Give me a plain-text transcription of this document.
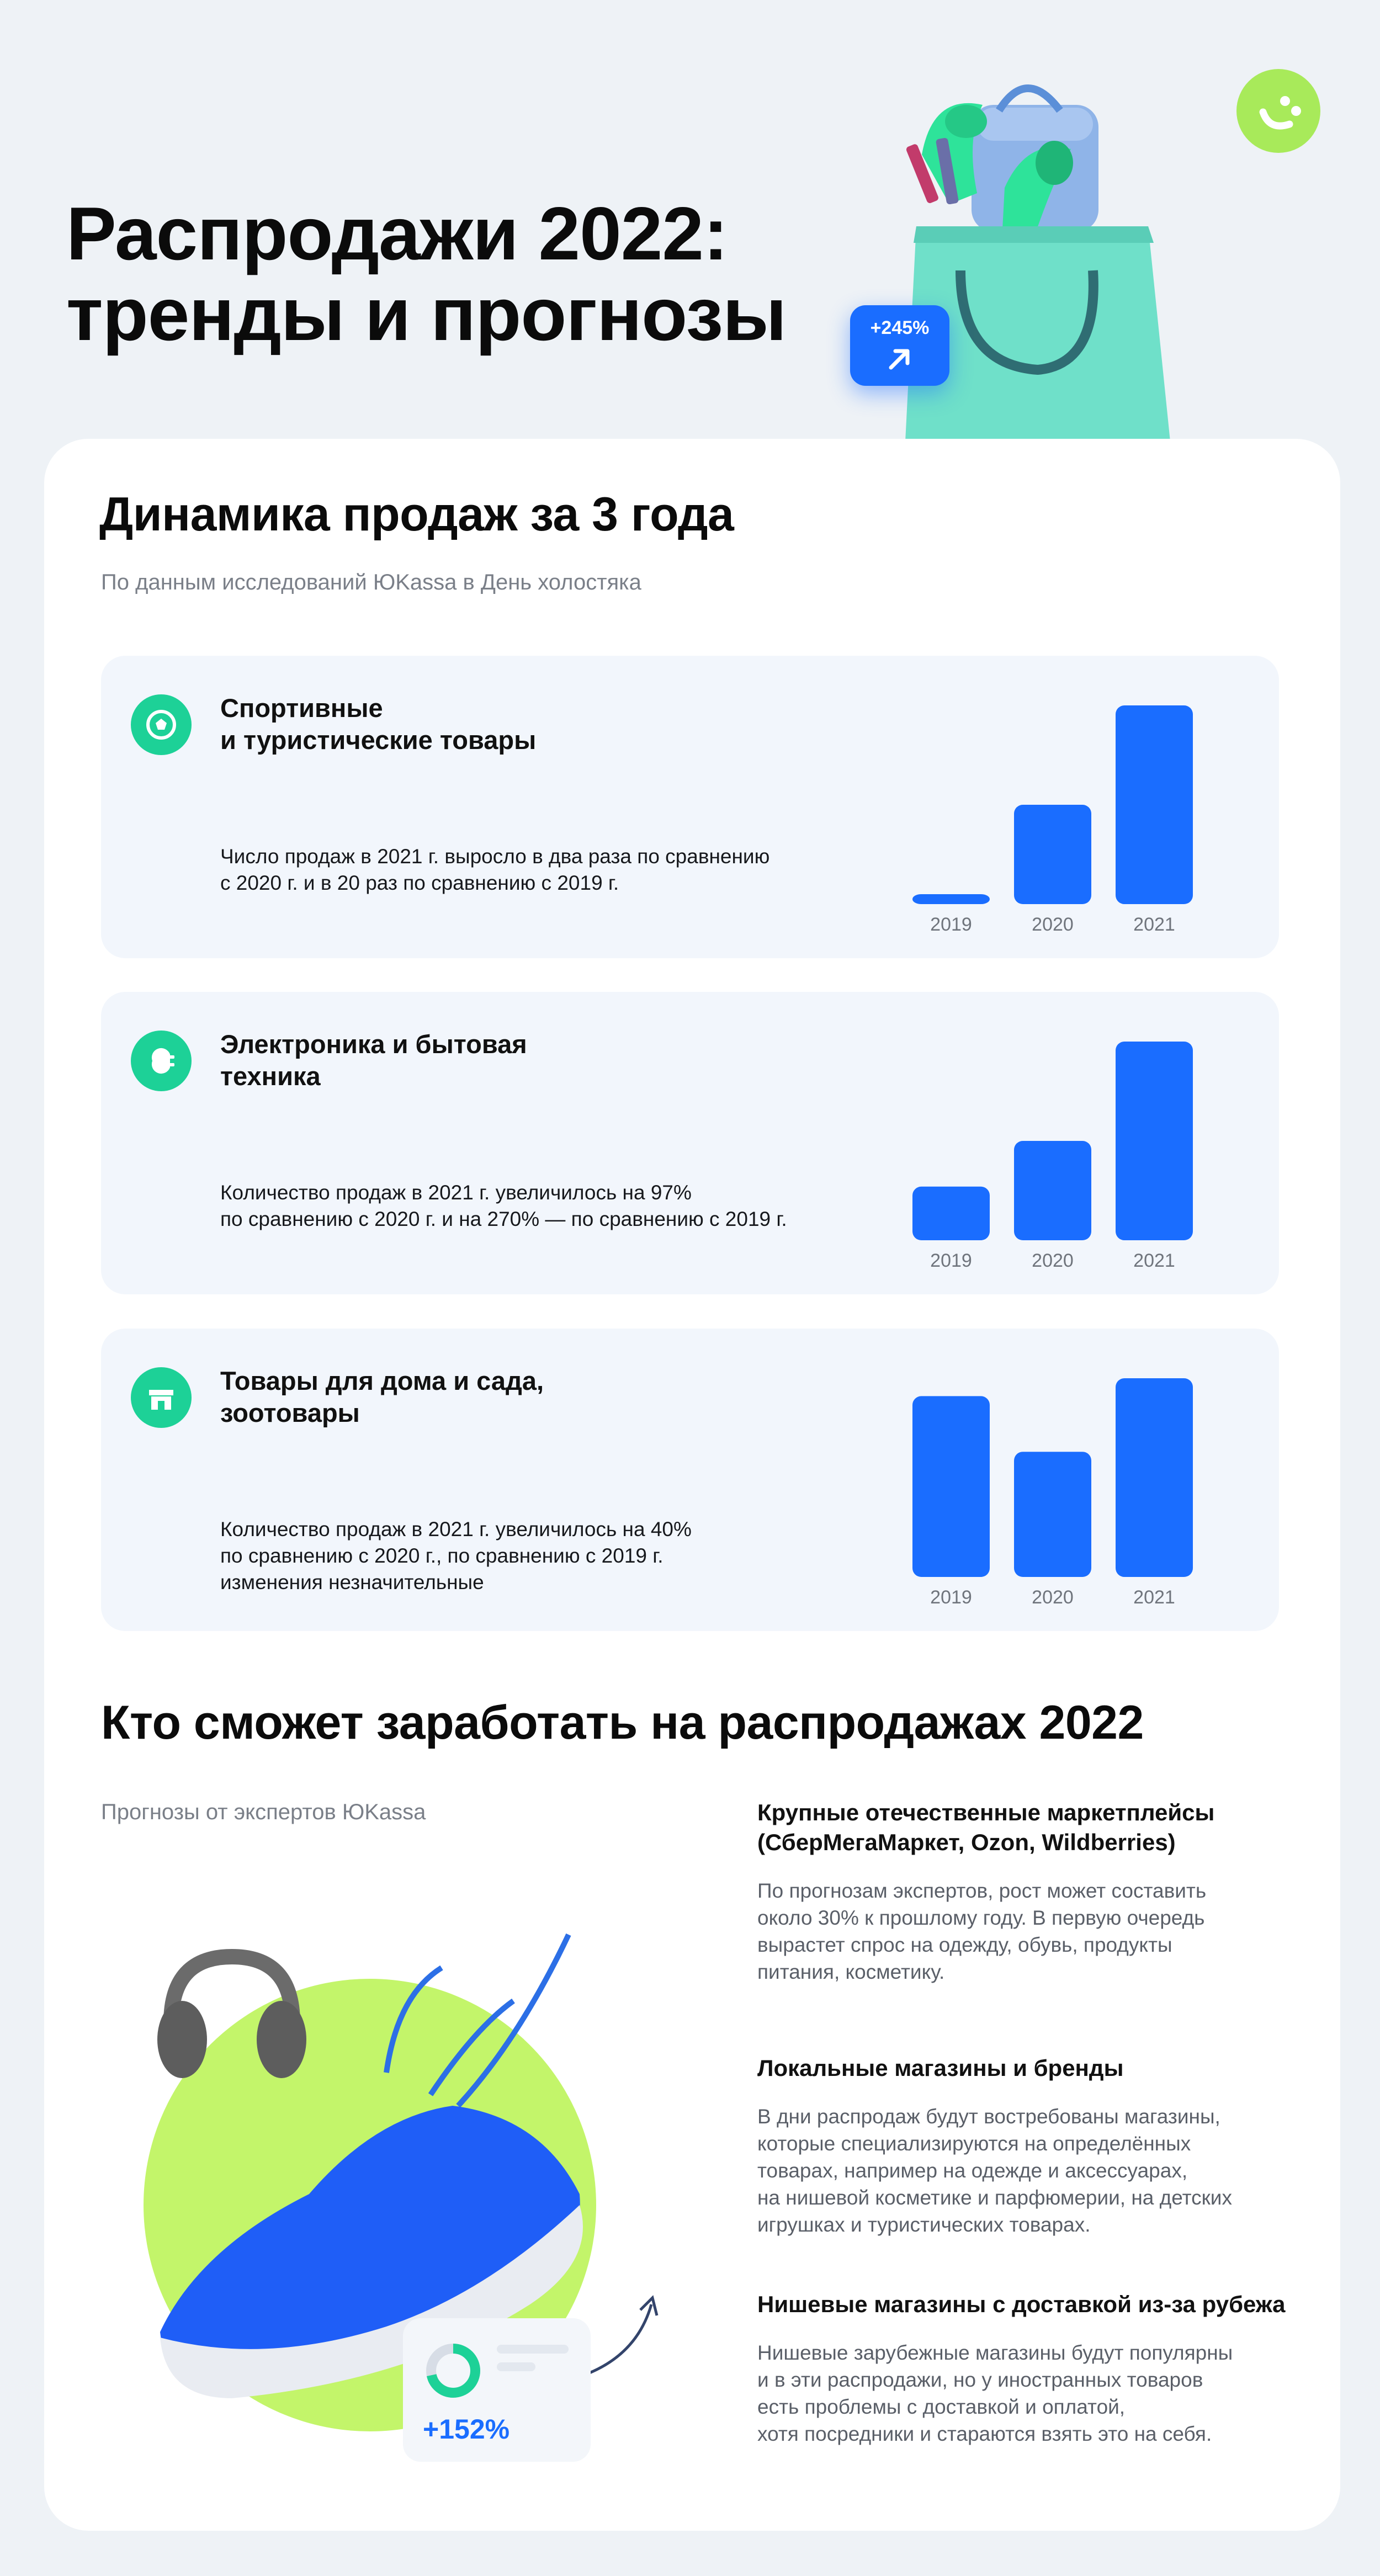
Распродажи 2022:
тренды и прогнозы	+245%
Динамика продаж за 3 года
По данным исследований ЮKassa в День холостяка
Спортивные
и туристические товары
Число продаж в 2021 г. выросло в два раза по сравнению
с 2020 г. и в 20 раз по сравнению с 2019 г.
2019	2020	2021
Электроника и бытовая
техника
Количество продаж в 2021 г. увеличилось на 97%
по сравнению с 2020 г. и на 270% — по сравнению с 2019 г.
2019	2020	2021
Товары для дома и сада,
зоотовары
Количество продаж в 2021 г. увеличилось на 40%
по сравнению с 2020 г., по сравнению с 2019 г.
изменения незначительные
2019	2020	2021
Кто сможет заработать на распродажах 2022
Прогнозы от экспертов ЮKassa
+152%
Крупные отечественные маркетплейсы
(СберМегаМаркет, Ozon, Wildberries)
По прогнозам экспертов, рост может составить
около 30% к прошлому году. В первую очередь
вырастет спрос на одежду, обувь, продукты
питания, косметику.
Локальные магазины и бренды
В дни распродаж будут востребованы магазины,
которые специализируются на определённых
товарах, например на одежде и аксессуарах,
на нишевой косметике и парфюмерии, на детских
игрушках и туристических товарах.
Нишевые магазины с доставкой из-за рубежа
Нишевые зарубежные магазины будут популярны
и в эти распродажи, но у иностранных товаров
есть проблемы с доставкой и оплатой,
хотя посредники и стараются взять это на себя.
